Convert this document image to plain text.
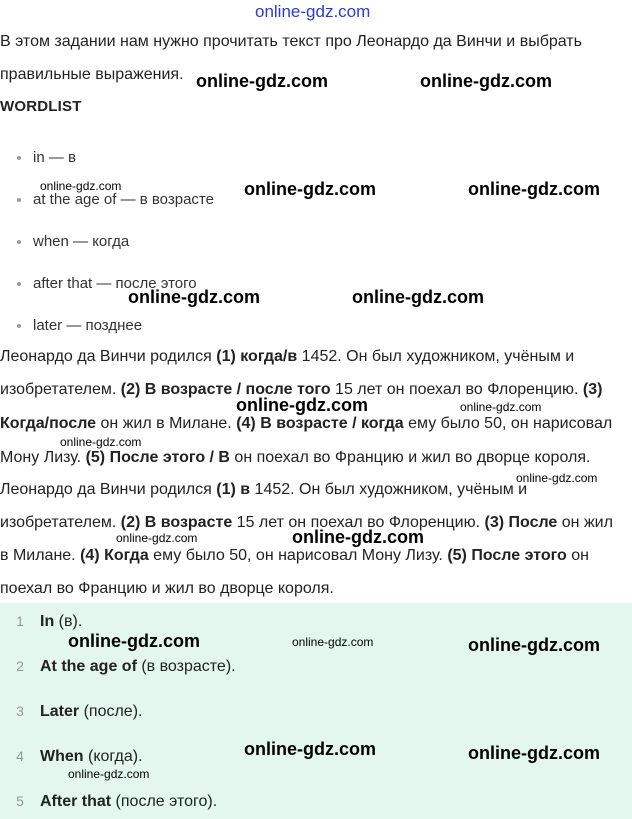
online-gdz.com
В этом задании нам нужно прочитать текст про Леонардо да Винчи и выбрать
правильные выражения.
WORDLIST
in — в
at the age of — в возрасте
when — когда
after that — после этого
later — позднее
Леонардо да Винчи родился (1) когда/в 1452. Он был художником, учёным и
изобретателем. (2) В возрасте / после того 15 лет он поехал во Флоренцию. (3)
Когда/после он жил в Милане. (4) В возрасте / когда ему было 50, он нарисовал
Мону Лизу. (5) После этого / В он поехал во Францию и жил во дворце короля.
Леонардо да Винчи родился (1) в 1452. Он был художником, учёным и
изобретателем. (2) В возрасте 15 лет он поехал во Флоренцию. (3) После он жил
в Милане. (4) Когда ему было 50, он нарисовал Мону Лизу. (5) После этого он
поехал во Францию и жил во дворце короля.
1 In (в).
2 At the age of (в возрасте).
3 Later (после).
4 When (когда).
5 After that (после этого).
online-gdz.com	online-gdz.com
online-gdz.com	online-gdz.com	online-gdz.com
online-gdz.com	online-gdz.com
online-gdz.com	online-gdz.com
online-gdz.com
online-gdz.com
online-gdz.com	online-gdz.com
online-gdz.com	online-gdz.com	online-gdz.com
online-gdz.com	online-gdz.com
online-gdz.com
